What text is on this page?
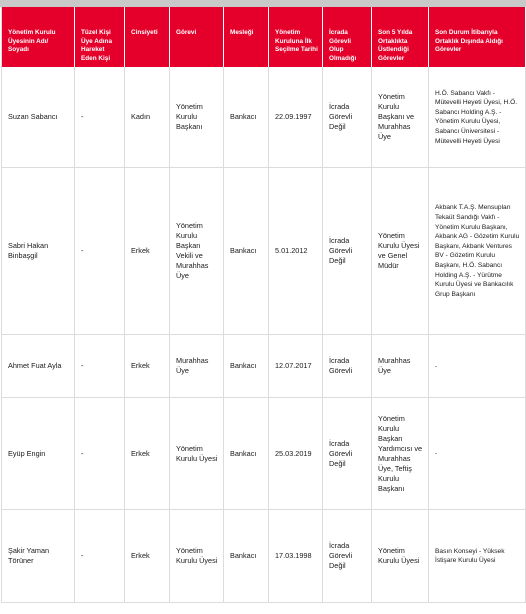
Yönetim Kurulu Üyesinin Adı/ Soyadı	Tüzel Kişi Üye Adına Hareket Eden Kişi	Cinsiyeti	Görevi	Mesleği	Yönetim Kuruluna İlk Seçilme Tarihi	İcrada Görevli Olup Olmadığı	Son 5 Yılda Ortaklıkta Üstlendiği Görevler	Son Durum İtibarıyla Ortaklık Dışında Aldığı Görevler
Suzan Sabancı	-	Kadın	Yönetim Kurulu Başkanı	Bankacı	22.09.1997	İcrada Görevli Değil	Yönetim Kurulu Başkanı ve Murahhas Üye	H.Ö. Sabancı Vakfı - Mütevelli Heyeti Üyesi, H.Ö. Sabancı Holding A.Ş. - Yönetim Kurulu Üyesi, Sabancı Üniversitesi - Mütevelli Heyeti Üyesi
Sabri Hakan Binbaşgil	-	Erkek	Yönetim Kurulu Başkan Vekili ve Murahhas Üye	Bankacı	5.01.2012	İcrada Görevli Değil	Yönetim Kurulu Üyesi ve Genel Müdür	Akbank T.A.Ş. Mensupları Tekaüt Sandığı Vakfı - Yönetim Kurulu Başkanı, Akbank AG - Gözetim Kurulu Başkanı, Akbank Ventures BV - Gözetim Kurulu Başkanı, H.Ö. Sabancı Holding A.Ş. - Yürütme Kurulu Üyesi ve Bankacılık Grup Başkanı
Ahmet Fuat Ayla	-	Erkek	Murahhas Üye	Bankacı	12.07.2017	İcrada Görevli	Murahhas Üye	-
Eyüp Engin	-	Erkek	Yönetim Kurulu Üyesi	Bankacı	25.03.2019	İcrada Görevli Değil	Yönetim Kurulu Başkan Yardımcısı ve Murahhas Üye, Teftiş Kurulu Başkanı	-
Şakir Yaman Törüner	-	Erkek	Yönetim Kurulu Üyesi	Bankacı	17.03.1998	İcrada Görevli Değil	Yönetim Kurulu Üyesi	Basın Konseyi - Yüksek İstişare Kurulu Üyesi
